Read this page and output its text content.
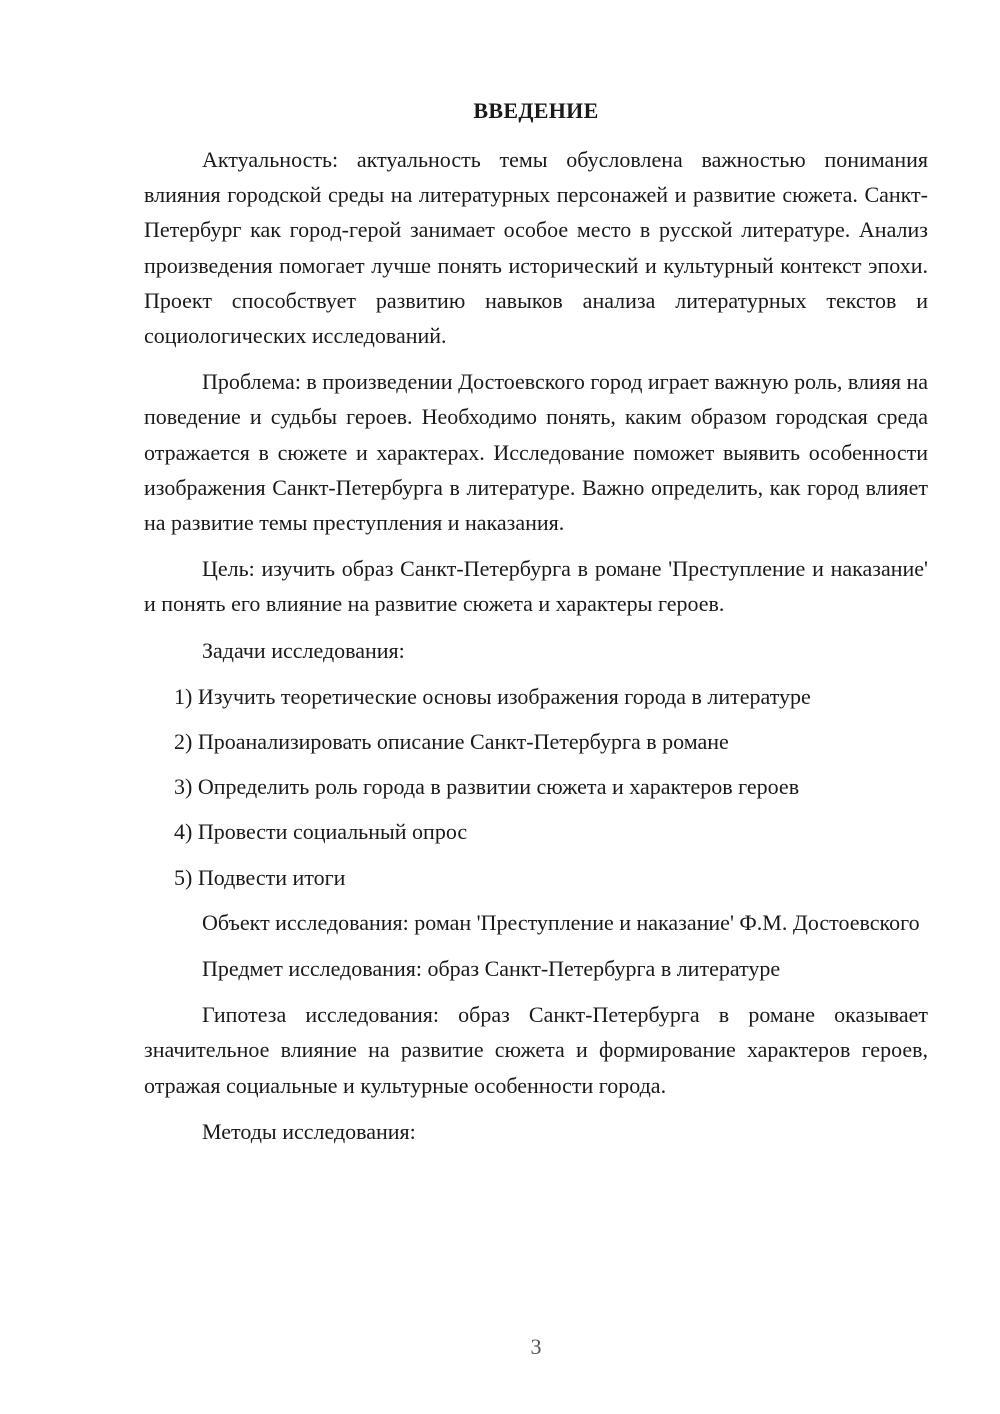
ВВЕДЕНИЕ

Актуальность: актуальность темы обусловлена важностью понимания влияния городской среды на литературных персонажей и развитие сюжета. Санкт-Петербург как город-герой занимает особое место в русской литературе. Анализ произведения помогает лучше понять исторический и культурный контекст эпохи. Проект способствует развитию навыков анализа литературных текстов и социологических исследований.

Проблема: в произведении Достоевского город играет важную роль, влияя на поведение и судьбы героев. Необходимо понять, каким образом городская среда отражается в сюжете и характерах. Исследование поможет выявить особенности изображения Санкт-Петербурга в литературе. Важно определить, как город влияет на развитие темы преступления и наказания.

Цель: изучить образ Санкт-Петербурга в романе 'Преступление и наказание' и понять его влияние на развитие сюжета и характеры героев.

Задачи исследования:

1) Изучить теоретические основы изображения города в литературе
2) Проанализировать описание Санкт-Петербурга в романе
3) Определить роль города в развитии сюжета и характеров героев
4) Провести социальный опрос
5) Подвести итоги

Объект исследования: роман 'Преступление и наказание' Ф.М. Достоевского

Предмет исследования: образ Санкт-Петербурга в литературе

Гипотеза исследования: образ Санкт-Петербурга в романе оказывает значительное влияние на развитие сюжета и формирование характеров героев, отражая социальные и культурные особенности города.

Методы исследования:

3
